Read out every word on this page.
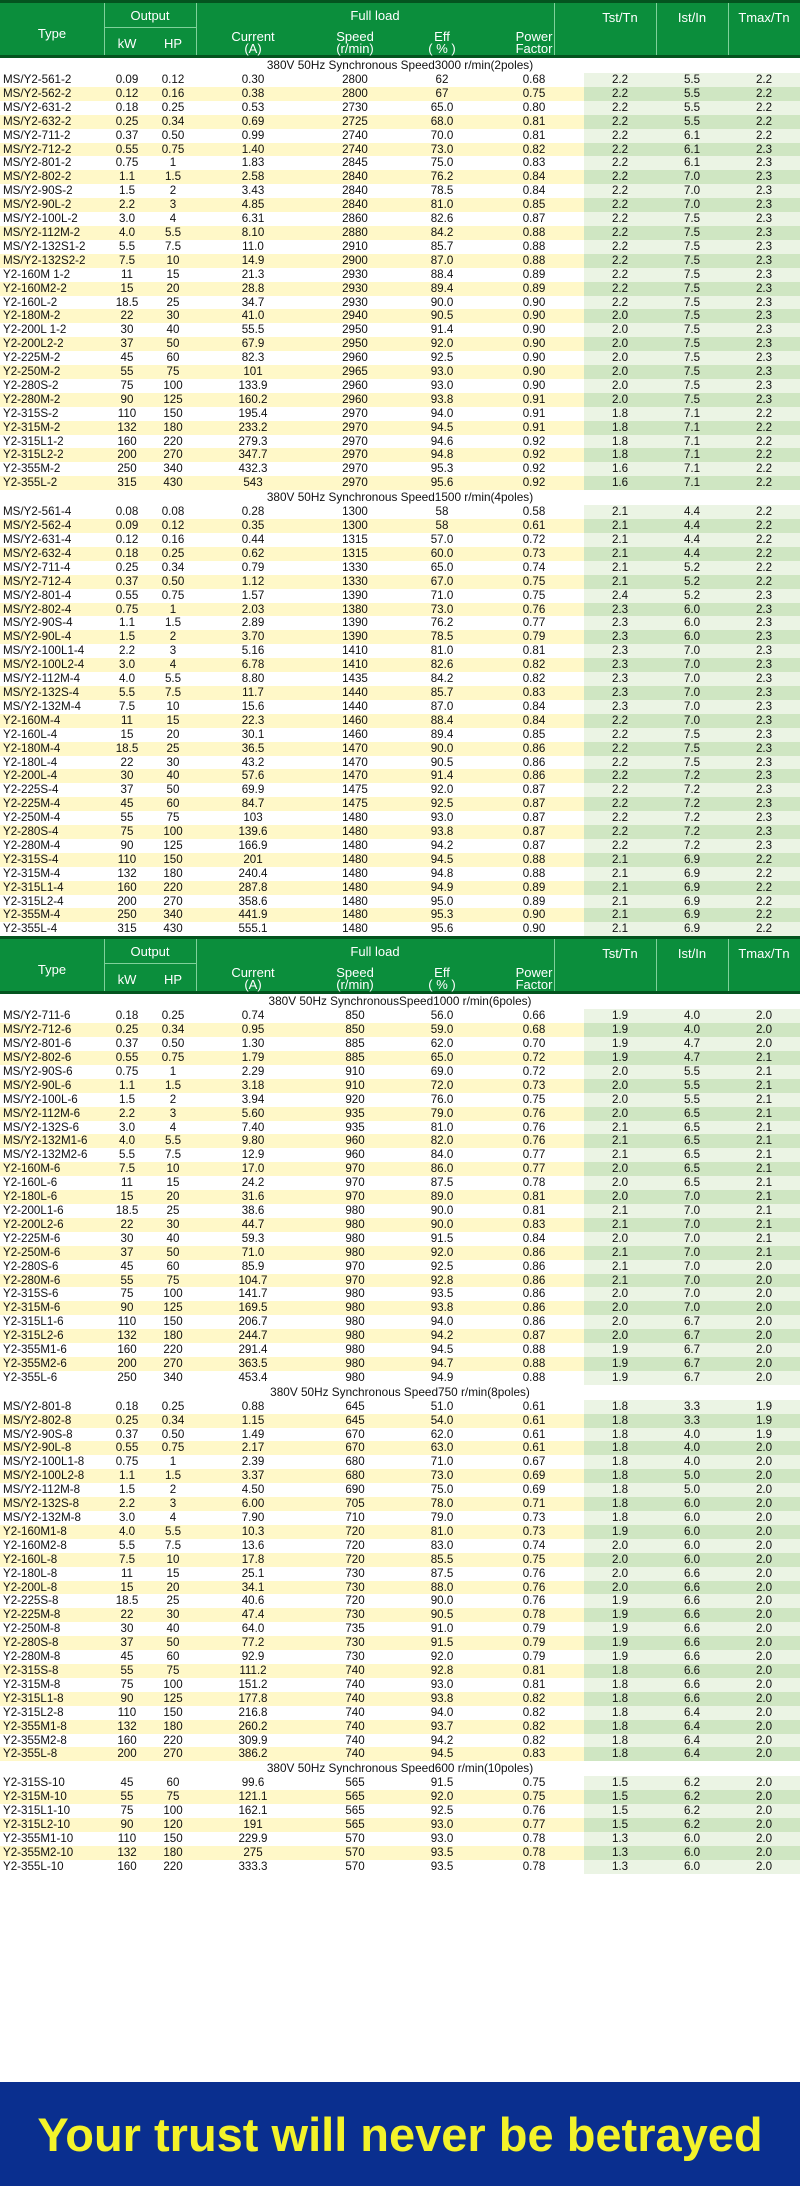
Type
Output
kW	HP
Full load
Current
(A)
Speed
(r/min)
Eff
( % )
Power
Factor
Tst/Tn	Ist/In	Tmax/Tn
380V 50Hz Synchronous Speed3000 r/min(2poles)									
MS/Y2-561-2	0.09	0.12	0.30	2800	62	0.68	2.2	5.5	2.2
MS/Y2-562-2	0.12	0.16	0.38	2800	67	0.75	2.2	5.5	2.2
MS/Y2-631-2	0.18	0.25	0.53	2730	65.0	0.80	2.2	5.5	2.2
MS/Y2-632-2	0.25	0.34	0.69	2725	68.0	0.81	2.2	5.5	2.2
MS/Y2-711-2	0.37	0.50	0.99	2740	70.0	0.81	2.2	6.1	2.2
MS/Y2-712-2	0.55	0.75	1.40	2740	73.0	0.82	2.2	6.1	2.3
MS/Y2-801-2	0.75	1	1.83	2845	75.0	0.83	2.2	6.1	2.3
MS/Y2-802-2	1.1	1.5	2.58	2840	76.2	0.84	2.2	7.0	2.3
MS/Y2-90S-2	1.5	2	3.43	2840	78.5	0.84	2.2	7.0	2.3
MS/Y2-90L-2	2.2	3	4.85	2840	81.0	0.85	2.2	7.0	2.3
MS/Y2-100L-2	3.0	4	6.31	2860	82.6	0.87	2.2	7.5	2.3
MS/Y2-112M-2	4.0	5.5	8.10	2880	84.2	0.88	2.2	7.5	2.3
MS/Y2-132S1-2	5.5	7.5	11.0	2910	85.7	0.88	2.2	7.5	2.3
MS/Y2-132S2-2	7.5	10	14.9	2900	87.0	0.88	2.2	7.5	2.3
Y2-160M 1-2	11	15	21.3	2930	88.4	0.89	2.2	7.5	2.3
Y2-160M2-2	15	20	28.8	2930	89.4	0.89	2.2	7.5	2.3
Y2-160L-2	18.5	25	34.7	2930	90.0	0.90	2.2	7.5	2.3
Y2-180M-2	22	30	41.0	2940	90.5	0.90	2.0	7.5	2.3
Y2-200L 1-2	30	40	55.5	2950	91.4	0.90	2.0	7.5	2.3
Y2-200L2-2	37	50	67.9	2950	92.0	0.90	2.0	7.5	2.3
Y2-225M-2	45	60	82.3	2960	92.5	0.90	2.0	7.5	2.3
Y2-250M-2	55	75	101	2965	93.0	0.90	2.0	7.5	2.3
Y2-280S-2	75	100	133.9	2960	93.0	0.90	2.0	7.5	2.3
Y2-280M-2	90	125	160.2	2960	93.8	0.91	2.0	7.5	2.3
Y2-315S-2	110	150	195.4	2970	94.0	0.91	1.8	7.1	2.2
Y2-315M-2	132	180	233.2	2970	94.5	0.91	1.8	7.1	2.2
Y2-315L1-2	160	220	279.3	2970	94.6	0.92	1.8	7.1	2.2
Y2-315L2-2	200	270	347.7	2970	94.8	0.92	1.8	7.1	2.2
Y2-355M-2	250	340	432.3	2970	95.3	0.92	1.6	7.1	2.2
Y2-355L-2	315	430	543	2970	95.6	0.92	1.6	7.1	2.2
380V 50Hz Synchronous Speed1500 r/min(4poles)									
MS/Y2-561-4	0.08	0.08	0.28	1300	58	0.58	2.1	4.4	2.2
MS/Y2-562-4	0.09	0.12	0.35	1300	58	0.61	2.1	4.4	2.2
MS/Y2-631-4	0.12	0.16	0.44	1315	57.0	0.72	2.1	4.4	2.2
MS/Y2-632-4	0.18	0.25	0.62	1315	60.0	0.73	2.1	4.4	2.2
MS/Y2-711-4	0.25	0.34	0.79	1330	65.0	0.74	2.1	5.2	2.2
MS/Y2-712-4	0.37	0.50	1.12	1330	67.0	0.75	2.1	5.2	2.2
MS/Y2-801-4	0.55	0.75	1.57	1390	71.0	0.75	2.4	5.2	2.3
MS/Y2-802-4	0.75	1	2.03	1380	73.0	0.76	2.3	6.0	2.3
MS/Y2-90S-4	1.1	1.5	2.89	1390	76.2	0.77	2.3	6.0	2.3
MS/Y2-90L-4	1.5	2	3.70	1390	78.5	0.79	2.3	6.0	2.3
MS/Y2-100L1-4	2.2	3	5.16	1410	81.0	0.81	2.3	7.0	2.3
MS/Y2-100L2-4	3.0	4	6.78	1410	82.6	0.82	2.3	7.0	2.3
MS/Y2-112M-4	4.0	5.5	8.80	1435	84.2	0.82	2.3	7.0	2.3
MS/Y2-132S-4	5.5	7.5	11.7	1440	85.7	0.83	2.3	7.0	2.3
MS/Y2-132M-4	7.5	10	15.6	1440	87.0	0.84	2.3	7.0	2.3
Y2-160M-4	11	15	22.3	1460	88.4	0.84	2.2	7.0	2.3
Y2-160L-4	15	20	30.1	1460	89.4	0.85	2.2	7.5	2.3
Y2-180M-4	18.5	25	36.5	1470	90.0	0.86	2.2	7.5	2.3
Y2-180L-4	22	30	43.2	1470	90.5	0.86	2.2	7.5	2.3
Y2-200L-4	30	40	57.6	1470	91.4	0.86	2.2	7.2	2.3
Y2-225S-4	37	50	69.9	1475	92.0	0.87	2.2	7.2	2.3
Y2-225M-4	45	60	84.7	1475	92.5	0.87	2.2	7.2	2.3
Y2-250M-4	55	75	103	1480	93.0	0.87	2.2	7.2	2.3
Y2-280S-4	75	100	139.6	1480	93.8	0.87	2.2	7.2	2.3
Y2-280M-4	90	125	166.9	1480	94.2	0.87	2.2	7.2	2.3
Y2-315S-4	110	150	201	1480	94.5	0.88	2.1	6.9	2.2
Y2-315M-4	132	180	240.4	1480	94.8	0.88	2.1	6.9	2.2
Y2-315L1-4	160	220	287.8	1480	94.9	0.89	2.1	6.9	2.2
Y2-315L2-4	200	270	358.6	1480	95.0	0.89	2.1	6.9	2.2
Y2-355M-4	250	340	441.9	1480	95.3	0.90	2.1	6.9	2.2
Y2-355L-4	315	430	555.1	1480	95.6	0.90	2.1	6.9	2.2
Type
Output
kW	HP
Full load
Current
(A)
Speed
(r/min)
Eff
( % )
Power
Factor
Tst/Tn	Ist/In	Tmax/Tn
380V 50Hz SynchronousSpeed1000 r/min(6poles)									
MS/Y2-711-6	0.18	0.25	0.74	850	56.0	0.66	1.9	4.0	2.0
MS/Y2-712-6	0.25	0.34	0.95	850	59.0	0.68	1.9	4.0	2.0
MS/Y2-801-6	0.37	0.50	1.30	885	62.0	0.70	1.9	4.7	2.0
MS/Y2-802-6	0.55	0.75	1.79	885	65.0	0.72	1.9	4.7	2.1
MS/Y2-90S-6	0.75	1	2.29	910	69.0	0.72	2.0	5.5	2.1
MS/Y2-90L-6	1.1	1.5	3.18	910	72.0	0.73	2.0	5.5	2.1
MS/Y2-100L-6	1.5	2	3.94	920	76.0	0.75	2.0	5.5	2.1
MS/Y2-112M-6	2.2	3	5.60	935	79.0	0.76	2.0	6.5	2.1
MS/Y2-132S-6	3.0	4	7.40	935	81.0	0.76	2.1	6.5	2.1
MS/Y2-132M1-6	4.0	5.5	9.80	960	82.0	0.76	2.1	6.5	2.1
MS/Y2-132M2-6	5.5	7.5	12.9	960	84.0	0.77	2.1	6.5	2.1
Y2-160M-6	7.5	10	17.0	970	86.0	0.77	2.0	6.5	2.1
Y2-160L-6	11	15	24.2	970	87.5	0.78	2.0	6.5	2.1
Y2-180L-6	15	20	31.6	970	89.0	0.81	2.0	7.0	2.1
Y2-200L1-6	18.5	25	38.6	980	90.0	0.81	2.1	7.0	2.1
Y2-200L2-6	22	30	44.7	980	90.0	0.83	2.1	7.0	2.1
Y2-225M-6	30	40	59.3	980	91.5	0.84	2.0	7.0	2.1
Y2-250M-6	37	50	71.0	980	92.0	0.86	2.1	7.0	2.1
Y2-280S-6	45	60	85.9	970	92.5	0.86	2.1	7.0	2.0
Y2-280M-6	55	75	104.7	970	92.8	0.86	2.1	7.0	2.0
Y2-315S-6	75	100	141.7	980	93.5	0.86	2.0	7.0	2.0
Y2-315M-6	90	125	169.5	980	93.8	0.86	2.0	7.0	2.0
Y2-315L1-6	110	150	206.7	980	94.0	0.86	2.0	6.7	2.0
Y2-315L2-6	132	180	244.7	980	94.2	0.87	2.0	6.7	2.0
Y2-355M1-6	160	220	291.4	980	94.5	0.88	1.9	6.7	2.0
Y2-355M2-6	200	270	363.5	980	94.7	0.88	1.9	6.7	2.0
Y2-355L-6	250	340	453.4	980	94.9	0.88	1.9	6.7	2.0
380V 50Hz Synchronous Speed750 r/min(8poles)									
MS/Y2-801-8	0.18	0.25	0.88	645	51.0	0.61	1.8	3.3	1.9
MS/Y2-802-8	0.25	0.34	1.15	645	54.0	0.61	1.8	3.3	1.9
MS/Y2-90S-8	0.37	0.50	1.49	670	62.0	0.61	1.8	4.0	1.9
MS/Y2-90L-8	0.55	0.75	2.17	670	63.0	0.61	1.8	4.0	2.0
MS/Y2-100L1-8	0.75	1	2.39	680	71.0	0.67	1.8	4.0	2.0
MS/Y2-100L2-8	1.1	1.5	3.37	680	73.0	0.69	1.8	5.0	2.0
MS/Y2-112M-8	1.5	2	4.50	690	75.0	0.69	1.8	5.0	2.0
MS/Y2-132S-8	2.2	3	6.00	705	78.0	0.71	1.8	6.0	2.0
MS/Y2-132M-8	3.0	4	7.90	710	79.0	0.73	1.8	6.0	2.0
Y2-160M1-8	4.0	5.5	10.3	720	81.0	0.73	1.9	6.0	2.0
Y2-160M2-8	5.5	7.5	13.6	720	83.0	0.74	2.0	6.0	2.0
Y2-160L-8	7.5	10	17.8	720	85.5	0.75	2.0	6.0	2.0
Y2-180L-8	11	15	25.1	730	87.5	0.76	2.0	6.6	2.0
Y2-200L-8	15	20	34.1	730	88.0	0.76	2.0	6.6	2.0
Y2-225S-8	18.5	25	40.6	720	90.0	0.76	1.9	6.6	2.0
Y2-225M-8	22	30	47.4	730	90.5	0.78	1.9	6.6	2.0
Y2-250M-8	30	40	64.0	735	91.0	0.79	1.9	6.6	2.0
Y2-280S-8	37	50	77.2	730	91.5	0.79	1.9	6.6	2.0
Y2-280M-8	45	60	92.9	730	92.0	0.79	1.9	6.6	2.0
Y2-315S-8	55	75	111.2	740	92.8	0.81	1.8	6.6	2.0
Y2-315M-8	75	100	151.2	740	93.0	0.81	1.8	6.6	2.0
Y2-315L1-8	90	125	177.8	740	93.8	0.82	1.8	6.6	2.0
Y2-315L2-8	110	150	216.8	740	94.0	0.82	1.8	6.4	2.0
Y2-355M1-8	132	180	260.2	740	93.7	0.82	1.8	6.4	2.0
Y2-355M2-8	160	220	309.9	740	94.2	0.82	1.8	6.4	2.0
Y2-355L-8	200	270	386.2	740	94.5	0.83	1.8	6.4	2.0
380V 50Hz Synchronous Speed600 r/min(10poles)									
Y2-315S-10	45	60	99.6	565	91.5	0.75	1.5	6.2	2.0
Y2-315M-10	55	75	121.1	565	92.0	0.75	1.5	6.2	2.0
Y2-315L1-10	75	100	162.1	565	92.5	0.76	1.5	6.2	2.0
Y2-315L2-10	90	120	191	565	93.0	0.77	1.5	6.2	2.0
Y2-355M1-10	110	150	229.9	570	93.0	0.78	1.3	6.0	2.0
Y2-355M2-10	132	180	275	570	93.5	0.78	1.3	6.0	2.0
Y2-355L-10	160	220	333.3	570	93.5	0.78	1.3	6.0	2.0
Your trust will never be betrayed
